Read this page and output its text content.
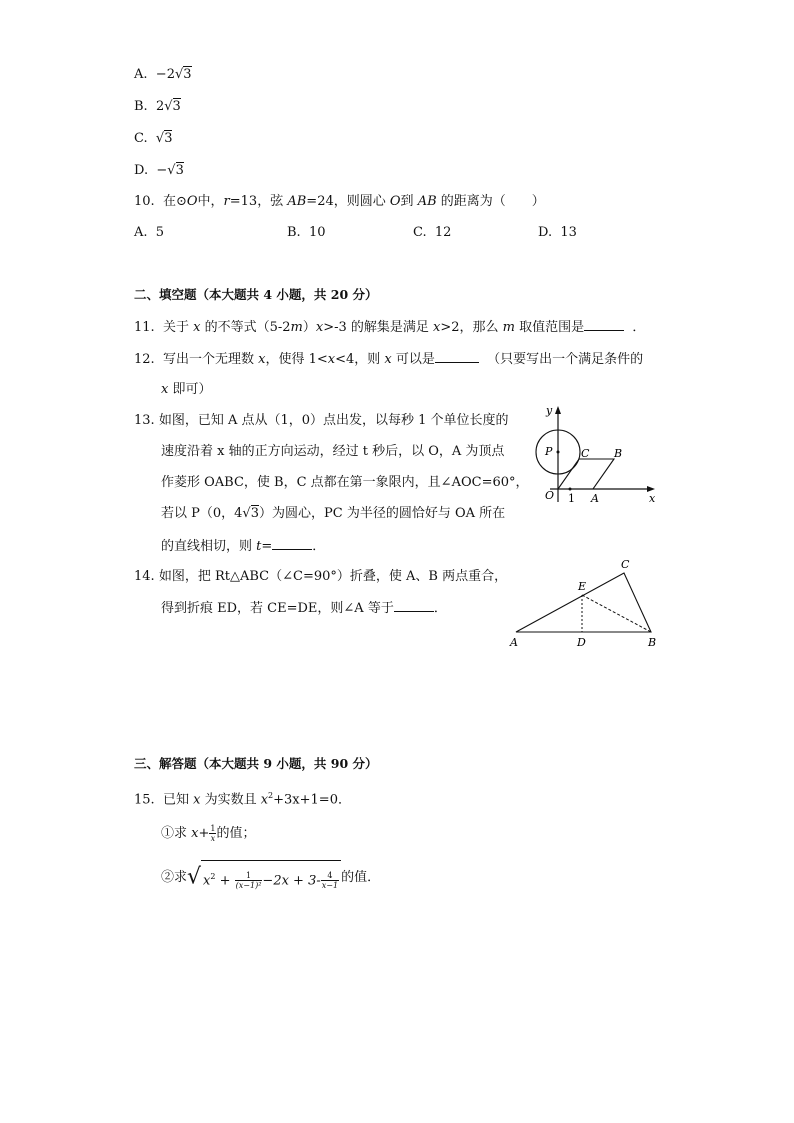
A. −2√3
B. 2√3
C. √3
D. −√3
10. 在⊙O中，r=13，弦 AB=24，则圆心 O到 AB 的距离为（　　）
A. 5	B. 10	C. 12	D. 13
二、填空题（本大题共 4 小题，共 20 分）
11. 关于 x 的不等式（5-2m）x>-3 的解集是满足 x>2，那么 m 取值范围是	．
12. 写出一个无理数 x，使得 1<x<4，则 x 可以是	（只要写出一个满足条件的
x 即可）
13. 如图，已知 A 点从（1，0）点出发，以每秒 1 个单位长度的
速度沿着 x 轴的正方向运动，经过 t 秒后，以 O，A 为顶点
作菱形 OABC，使 B，C 点都在第一象限内，且∠AOC=60°，
若以 P（0，4√3）为圆心，PC 为半径的圆恰好与 OA 所在
的直线相切，则 t=	．
y
x
P	C B
O 1 A
14. 如图，把 Rt△ABC（∠C=90°）折叠，使 A、B 两点重合，
得到折痕 ED，若 CE=DE，则∠A 等于	．
C
E
A	D	B
三、解答题（本大题共 9 小题，共 90 分）
15. 已知 x 为实数且 $x^2+3x+1=0$．
①求 $x+ \frac{1}{x}$ 的值；
②求√ $x^2 + \frac{1}{\text{(x−1)²}} -2x + 3- \frac{4}{x-1}$ 的值．
